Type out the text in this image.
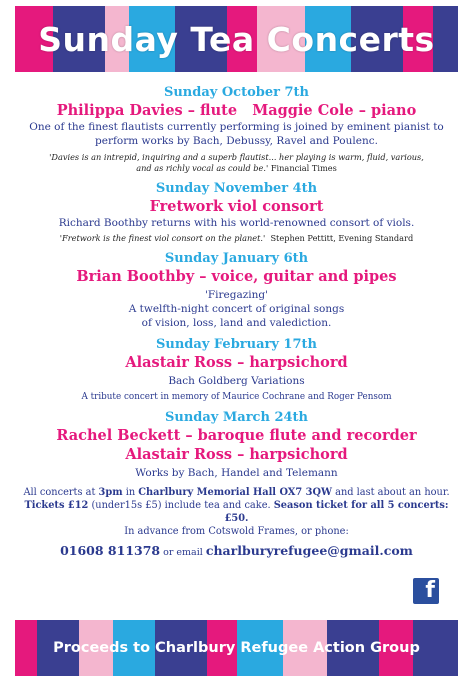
Sunday Tea Concerts
Sunday October 7th
Philippa Davies – flute   Maggie Cole – piano
One of the finest flautists currently performing is joined by eminent pianist to perform works by Bach, Debussy, Ravel and Poulenc.
'Davies is an intrepid, inquiring and a superb flautist... her playing is warm, fluid, various, and as richly vocal as could be.' Financial Times
Sunday November 4th
Fretwork viol consort
Richard Boothby returns with his world-renowned consort of viols.
'Fretwork is the finest viol consort on the planet.' Stephen Pettitt, Evening Standard
Sunday January 6th
Brian Boothby – voice, guitar and pipes
'Firegazing'
A twelfth-night concert of original songs
of vision, loss, land and valediction.
Sunday February 17th
Alastair Ross – harpsichord
Bach Goldberg Variations
A tribute concert in memory of Maurice Cochrane and Roger Pensom
Sunday March 24th
Rachel Beckett – baroque flute and recorder
Alastair Ross – harpsichord
Works by Bach, Handel and Telemann
All concerts at 3pm in Charlbury Memorial Hall OX7 3QW and last about an hour.
Tickets £12 (under15s £5) include tea and cake. Season ticket for all 5 concerts: £50.
In advance from Cotswold Frames, or phone:
01608 811378 or email charlburyrefugee@gmail.com
f
Proceeds to Charlbury Refugee Action Group
